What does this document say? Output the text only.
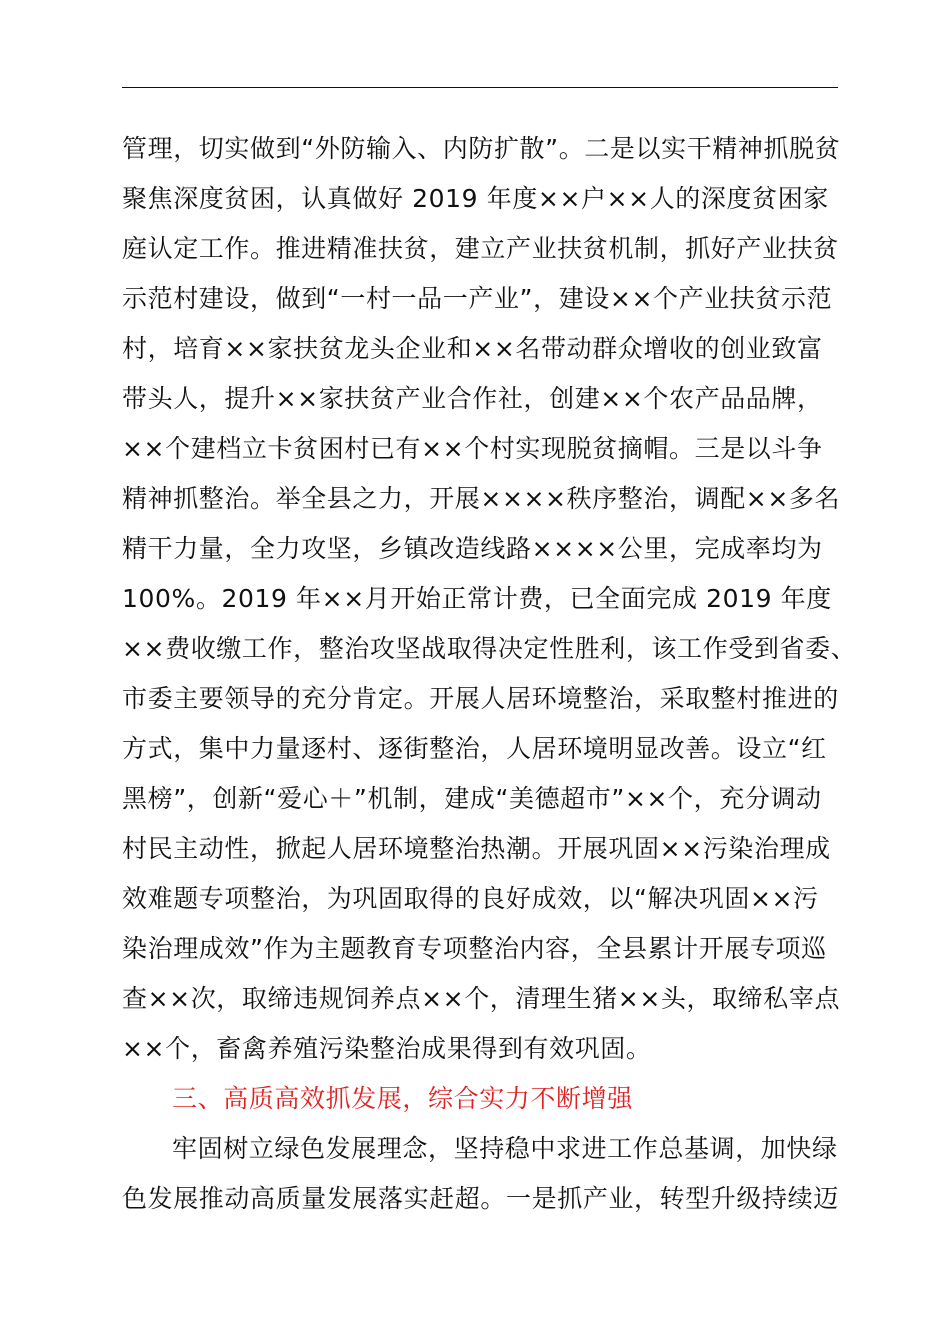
管理，切实做到“外防输入、内防扩散”。二是以实干精神抓脱贫
聚焦深度贫困，认真做好 2019 年度××户××人的深度贫困家
庭认定工作。推进精准扶贫，建立产业扶贫机制，抓好产业扶贫
示范村建设，做到“一村一品一产业”，建设××个产业扶贫示范
村，培育××家扶贫龙头企业和××名带动群众增收的创业致富
带头人，提升××家扶贫产业合作社，创建××个农产品品牌，
××个建档立卡贫困村已有××个村实现脱贫摘帽。三是以斗争
精神抓整治。举全县之力，开展××××秩序整治，调配××多名
精干力量，全力攻坚，乡镇改造线路××××公里，完成率均为
100%。2019 年××月开始正常计费，已全面完成 2019 年度
××费收缴工作，整治攻坚战取得决定性胜利，该工作受到省委、
市委主要领导的充分肯定。开展人居环境整治，采取整村推进的
方式，集中力量逐村、逐街整治，人居环境明显改善。设立“红
黑榜”，创新“爱心＋”机制，建成“美德超市”××个，充分调动
村民主动性，掀起人居环境整治热潮。开展巩固××污染治理成
效难题专项整治，为巩固取得的良好成效，以“解决巩固××污
染治理成效”作为主题教育专项整治内容，全县累计开展专项巡
查××次，取缔违规饲养点××个，清理生猪××头，取缔私宰点
××个，畜禽养殖污染整治成果得到有效巩固。
三、高质高效抓发展，综合实力不断增强
牢固树立绿色发展理念，坚持稳中求进工作总基调，加快绿
色发展推动高质量发展落实赶超。一是抓产业，转型升级持续迈
